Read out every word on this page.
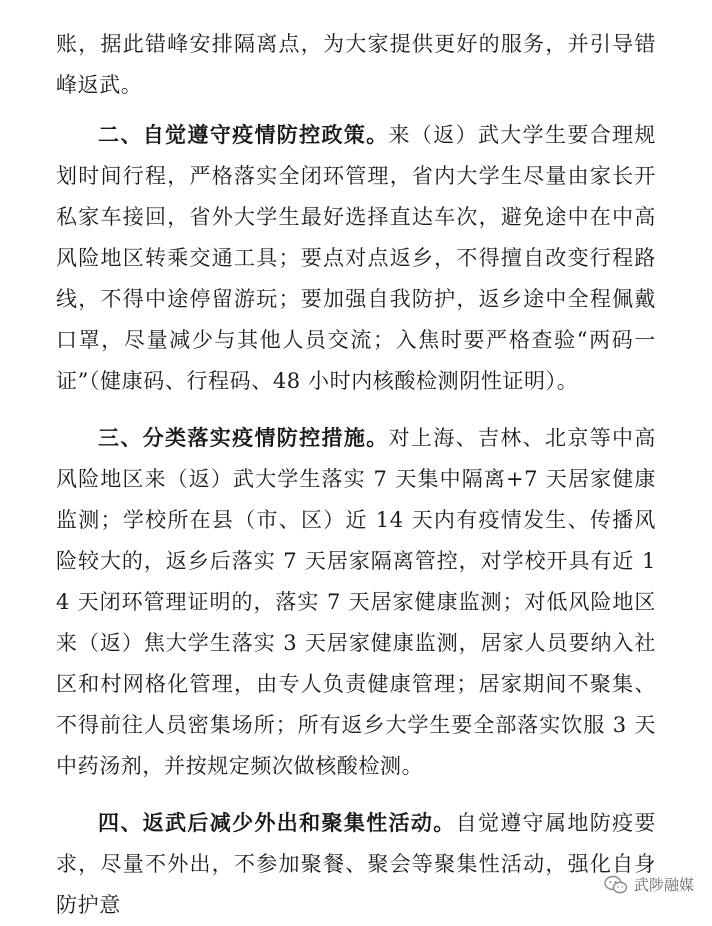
账，据此错峰安排隔离点，为大家提供更好的服务，并引导错峰返武。

二、自觉遵守疫情防控政策。来（返）武大学生要合理规划时间行程，严格落实全闭环管理，省内大学生尽量由家长开私家车接回，省外大学生最好选择直达车次，避免途中在中高风险地区转乘交通工具；要点对点返乡，不得擅自改变行程路线，不得中途停留游玩；要加强自我防护，返乡途中全程佩戴口罩，尽量减少与其他人员交流；入焦时要严格查验“两码一证”（健康码、行程码、48 小时内核酸检测阴性证明）。

三、分类落实疫情防控措施。对上海、吉林、北京等中高风险地区来（返）武大学生落实 7 天集中隔离+7 天居家健康监测；学校所在县（市、区）近 14 天内有疫情发生、传播风险较大的，返乡后落实 7 天居家隔离管控，对学校开具有近 14 天闭环管理证明的，落实 7 天居家健康监测；对低风险地区来（返）焦大学生落实 3 天居家健康监测，居家人员要纳入社区和村网格化管理，由专人负责健康管理；居家期间不聚集、不得前往人员密集场所；所有返乡大学生要全部落实饮服 3 天中药汤剂，并按规定频次做核酸检测。

四、返武后减少外出和聚集性活动。自觉遵守属地防疫要求，尽量不外出，不参加聚餐、聚会等聚集性活动，强化自身防护意

武陟融媒
